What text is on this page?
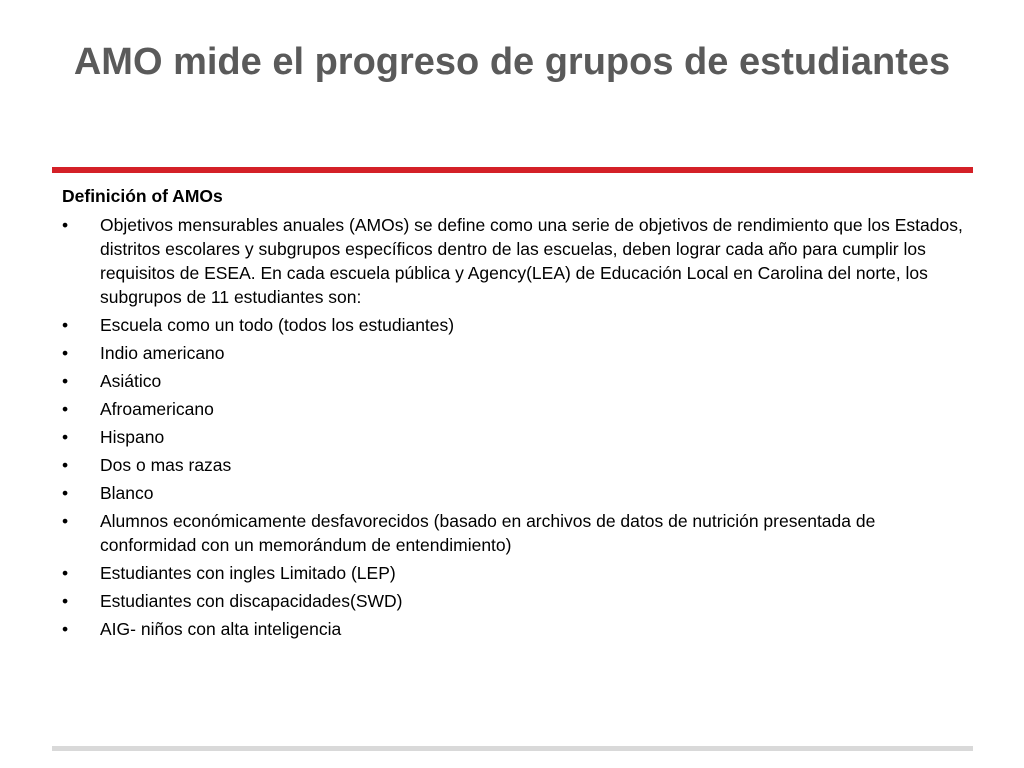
AMO mide el progreso de grupos de estudiantes
Definición of AMOs
• Objetivos mensurables anuales (AMOs) se define como una serie de objetivos de rendimiento que los Estados, distritos escolares y subgrupos específicos dentro de las escuelas, deben lograr cada año para cumplir los requisitos de ESEA. En cada escuela pública y Agency(LEA) de Educación Local en Carolina del norte, los subgrupos de 11 estudiantes son:
• Escuela como un todo (todos los estudiantes)
• Indio americano
• Asiático
• Afroamericano
• Hispano
• Dos o mas razas
• Blanco
• Alumnos económicamente desfavorecidos (basado en archivos de datos de nutrición presentada de conformidad con un memorándum de entendimiento)
• Estudiantes con ingles Limitado (LEP)
• Estudiantes con discapacidades(SWD)
• AIG- niños con alta inteligencia
